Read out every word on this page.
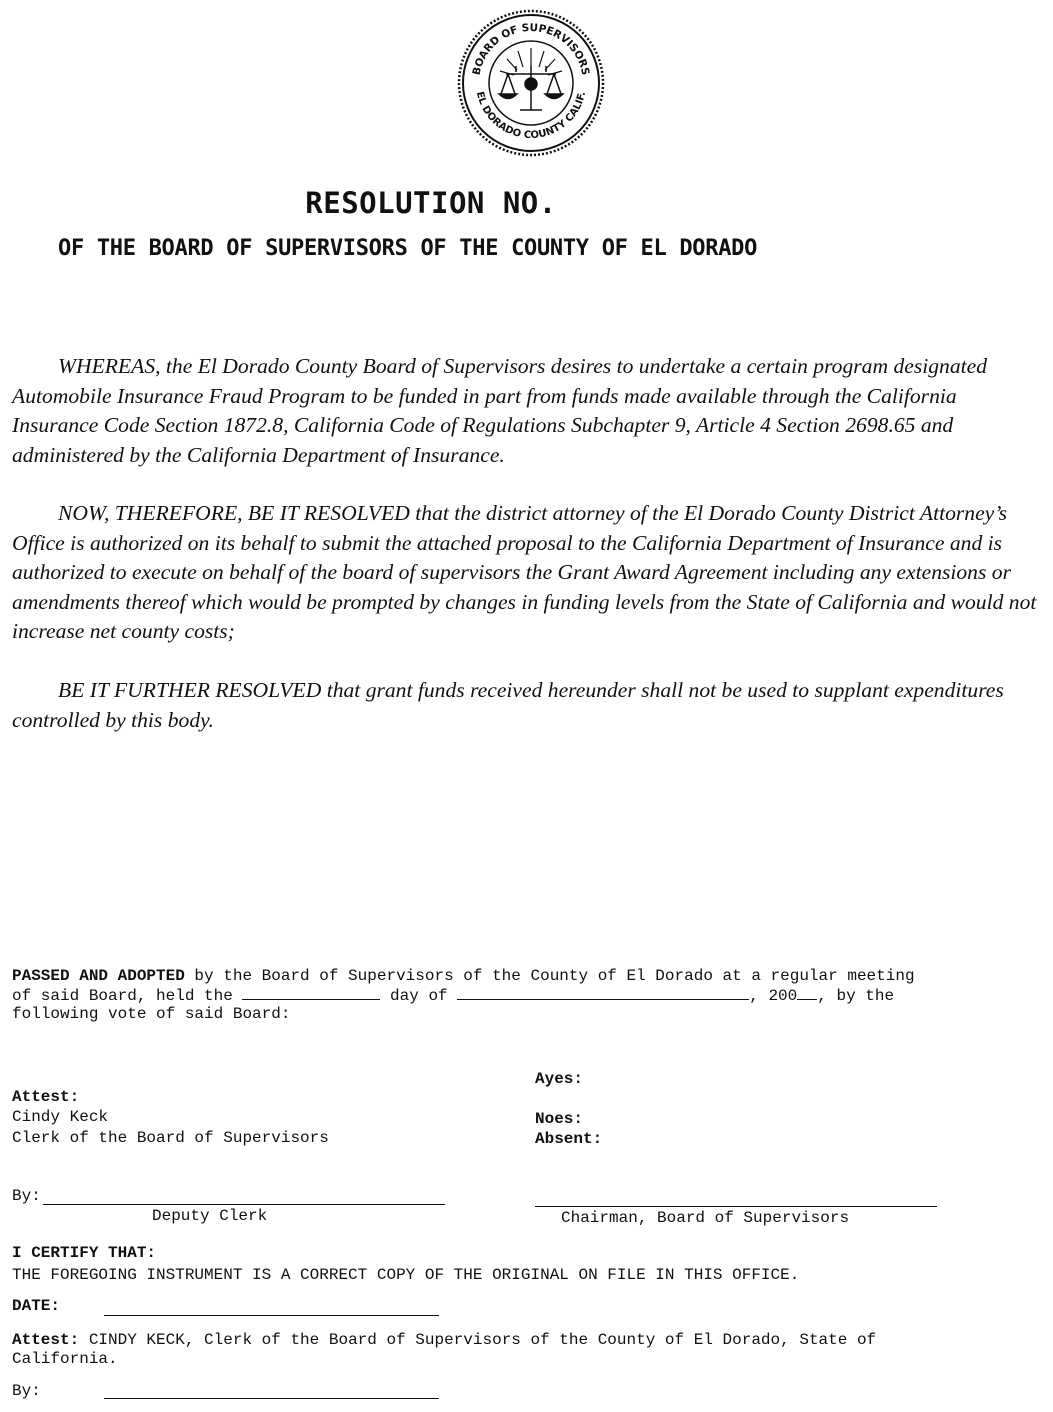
BOARD OF SUPERVISORS
EL DORADO COUNTY CALIF.
RESOLUTION NO.
OF THE BOARD OF SUPERVISORS OF THE COUNTY OF EL DORADO

WHEREAS, the El Dorado County Board of Supervisors desires to undertake a certain program designated Automobile Insurance Fraud Program to be funded in part from funds made available through the California Insurance Code Section 1872.8, California Code of Regulations Subchapter 9, Article 4 Section 2698.65 and administered by the California Department of Insurance.

NOW, THEREFORE, BE IT RESOLVED that the district attorney of the El Dorado County District Attorney’s Office is authorized on its behalf to submit the attached proposal to the California Department of Insurance and is authorized to execute on behalf of the board of supervisors the Grant Award Agreement including any extensions or amendments thereof which would be prompted by changes in funding levels from the State of California and would not increase net county costs;

BE IT FURTHER RESOLVED that grant funds received hereunder shall not be used to supplant expenditures controlled by this body.

PASSED AND ADOPTED by the Board of Supervisors of the County of El Dorado at a regular meeting
of said Board, held the	day of	, 200 , by the
following vote of said Board:
Ayes:
Noes:
Absent:
Attest:
Cindy Keck
Clerk of the Board of Supervisors
By:
Deputy Clerk	Chairman, Board of Supervisors
I CERTIFY THAT:
THE FOREGOING INSTRUMENT IS A CORRECT COPY OF THE ORIGINAL ON FILE IN THIS OFFICE.
DATE:
Attest: CINDY KECK, Clerk of the Board of Supervisors of the County of El Dorado, State of
California.
By:
